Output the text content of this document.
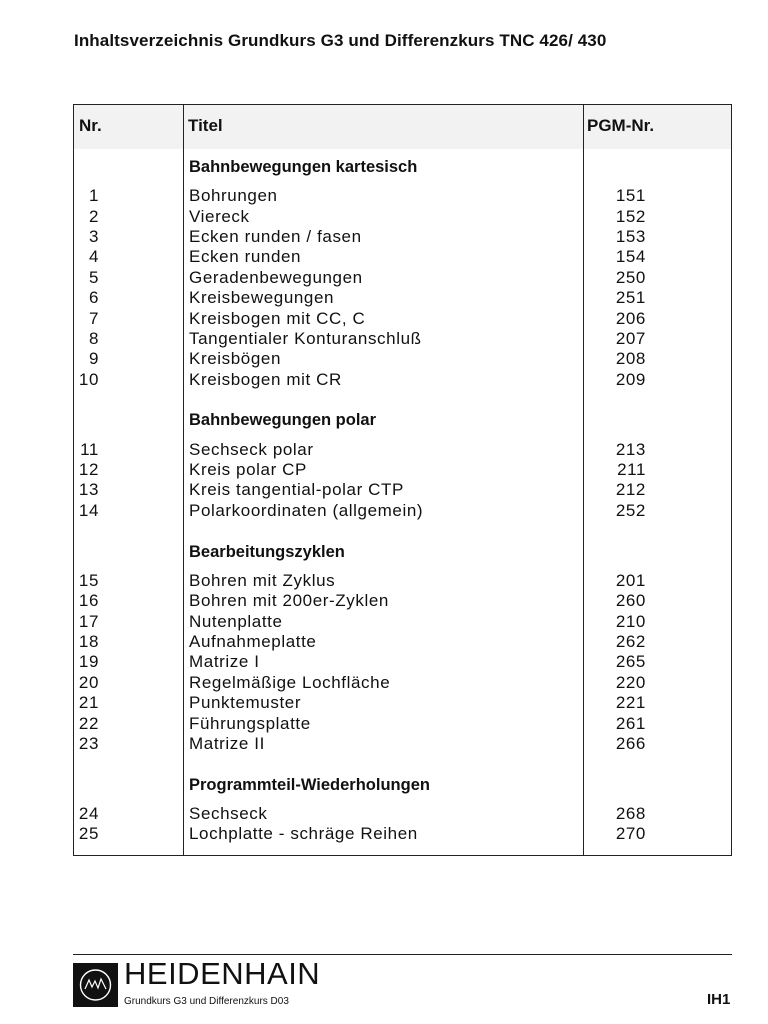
Inhaltsverzeichnis Grundkurs G3 und Differenzkurs TNC 426/ 430
Nr.	Titel	PGM-Nr.
Bahnbewegungen kartesisch
1	Bohrungen	151
2	Viereck	152
3	Ecken runden / fasen	153
4	Ecken runden	154
5	Geradenbewegungen	250
6	Kreisbewegungen	251
7	Kreisbogen mit CC, C	206
8	Tangentialer Konturanschluß	207
9	Kreisbögen	208
10	Kreisbogen mit CR	209
Bahnbewegungen polar
11	Sechseck polar	213
12	Kreis polar CP	211
13	Kreis tangential-polar CTP	212
14	Polarkoordinaten (allgemein)	252
Bearbeitungszyklen
15	Bohren mit Zyklus	201
16	Bohren mit 200er-Zyklen	260
17	Nutenplatte	210
18	Aufnahmeplatte	262
19	Matrize I	265
20	Regelmäßige Lochfläche	220
21	Punktemuster	221
22	Führungsplatte	261
23	Matrize II	266
Programmteil-Wiederholungen
24	Sechseck	268
25	Lochplatte - schräge Reihen	270
HEIDENHAIN
Grundkurs G3 und Differenzkurs D03	IH1
